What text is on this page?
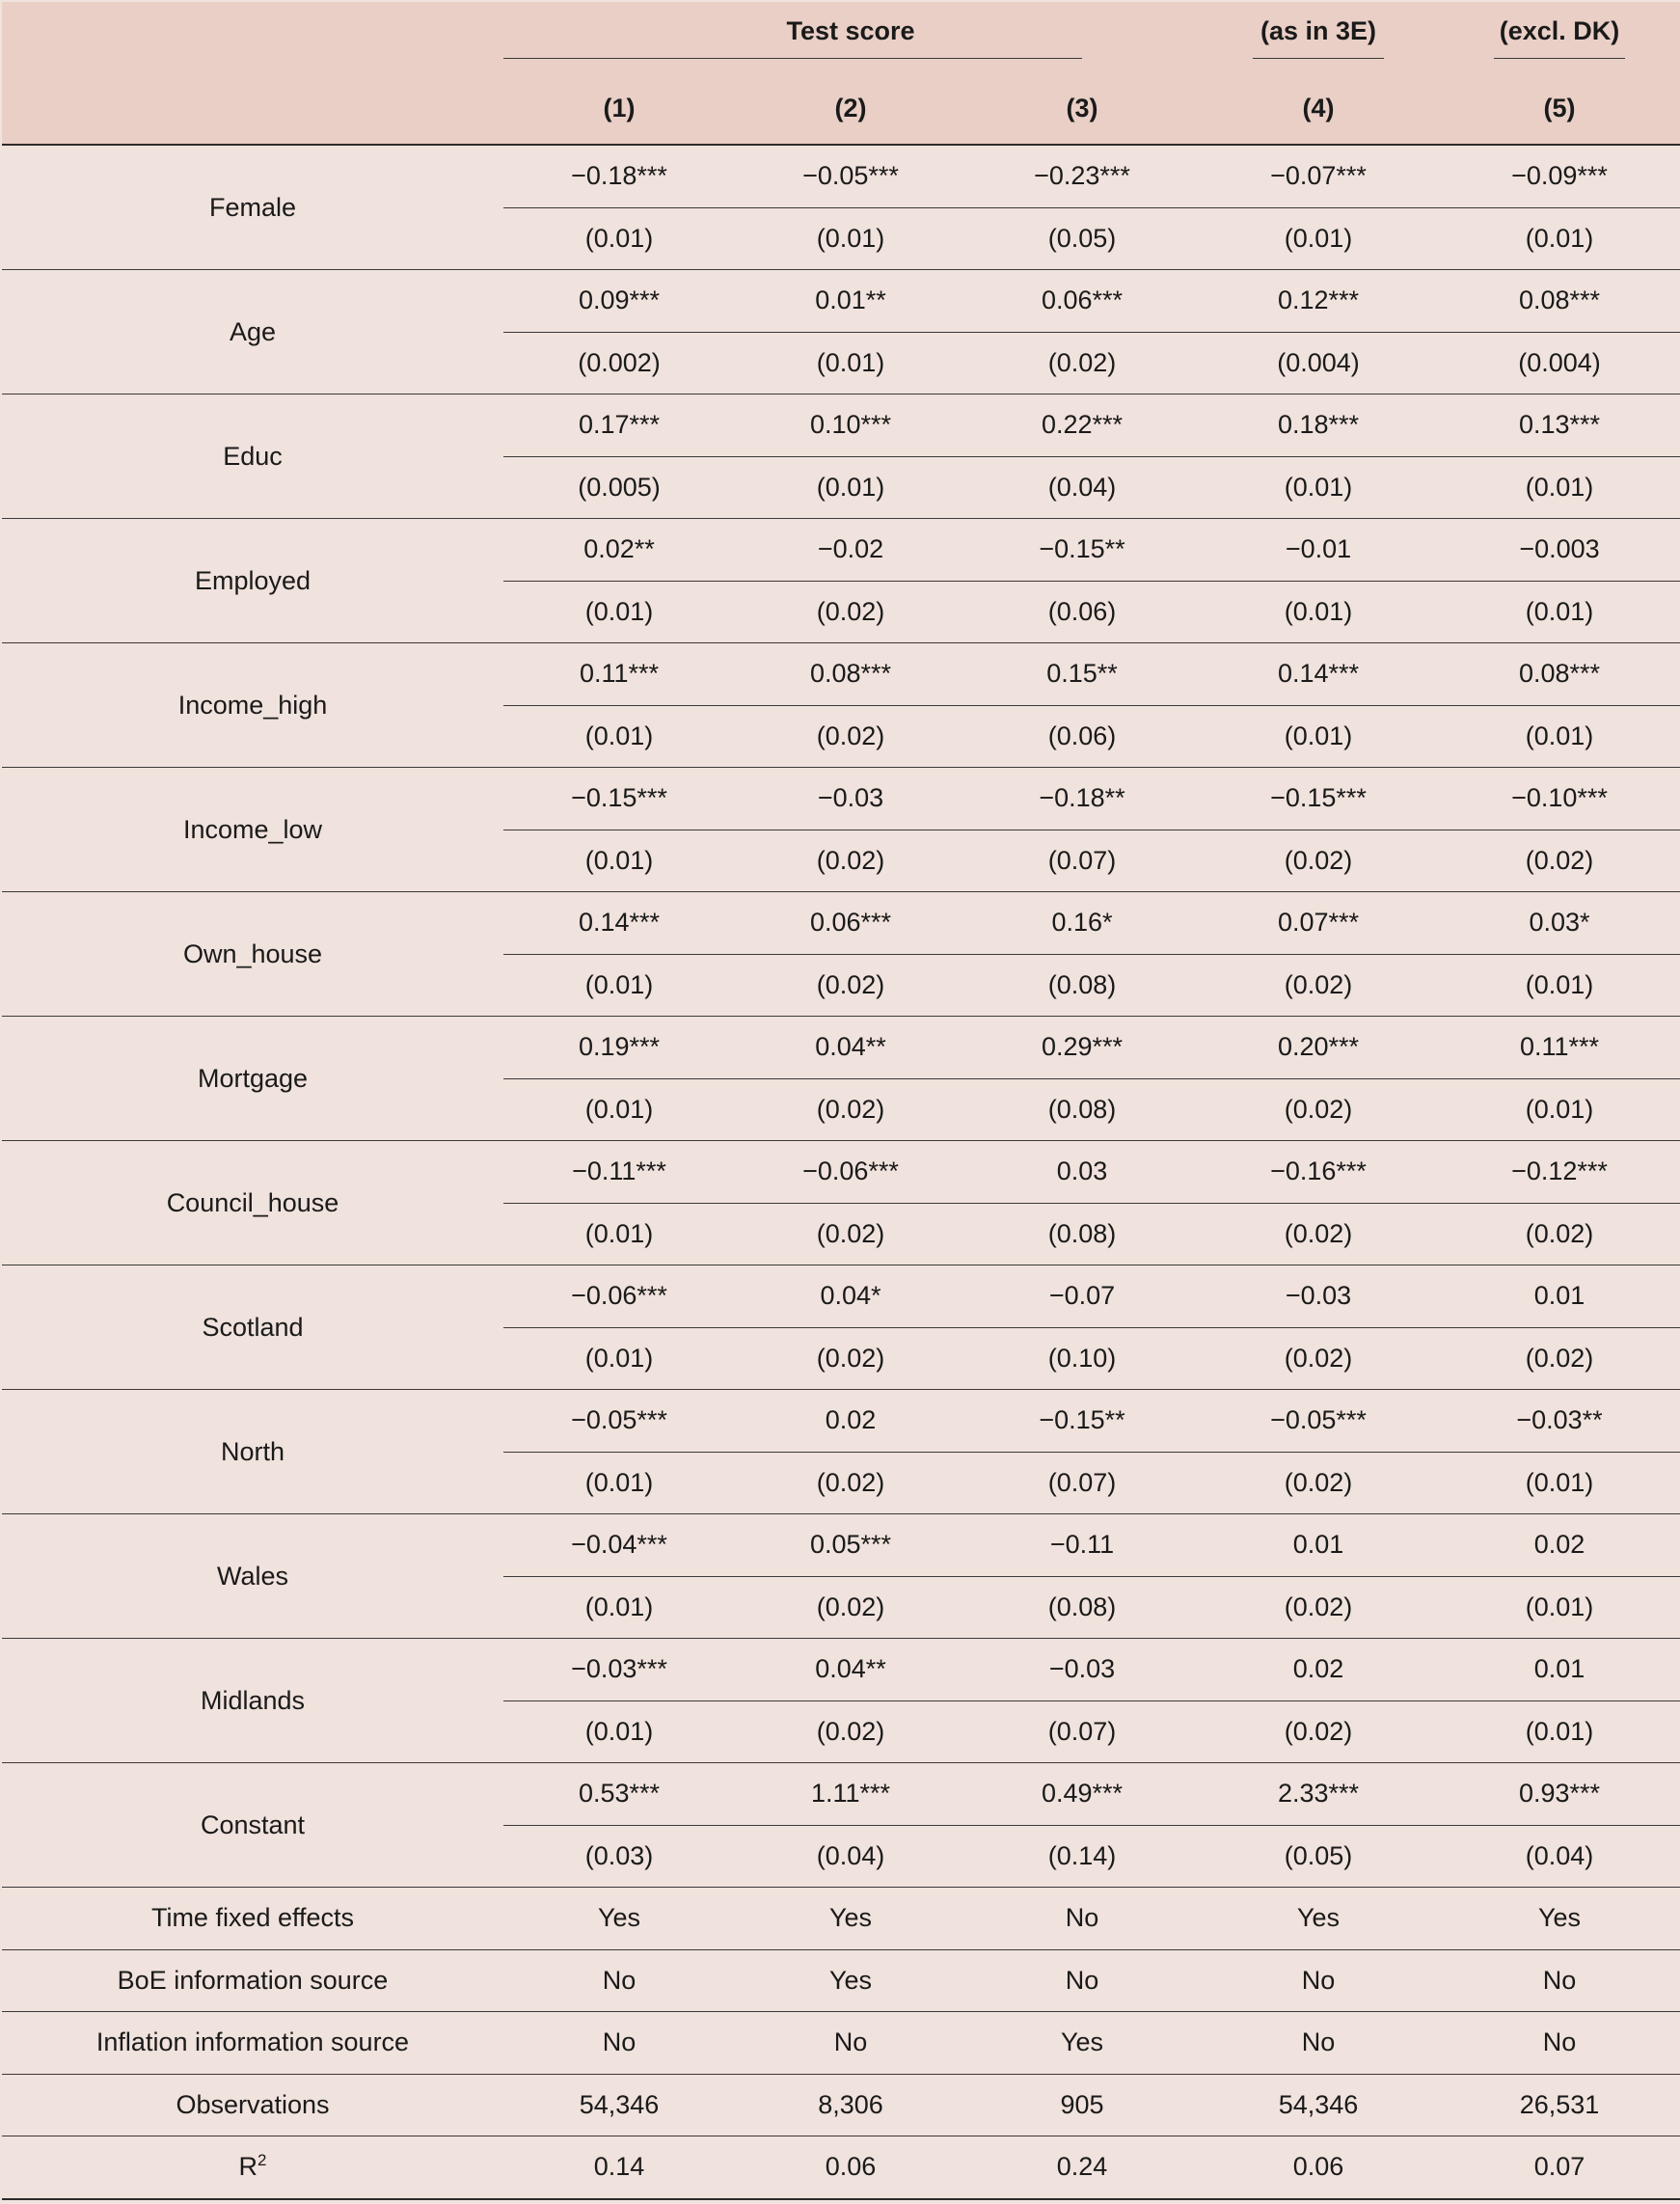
	Test score			(as in 3E)	(excl. DK)

	(1)	(2)	(3)	(4)	(5)
Female	−0.18***	−0.05***	−0.23***	−0.07***	−0.09***
	(0.01)	(0.01)	(0.05)	(0.01)	(0.01)
Age	0.09***	0.01**	0.06***	0.12***	0.08***
	(0.002)	(0.01)	(0.02)	(0.004)	(0.004)
Educ	0.17***	0.10***	0.22***	0.18***	0.13***
	(0.005)	(0.01)	(0.04)	(0.01)	(0.01)
Employed	0.02**	−0.02	−0.15**	−0.01	−0.003
	(0.01)	(0.02)	(0.06)	(0.01)	(0.01)
Income_high	0.11***	0.08***	0.15**	0.14***	0.08***
	(0.01)	(0.02)	(0.06)	(0.01)	(0.01)
Income_low	−0.15***	−0.03	−0.18**	−0.15***	−0.10***
	(0.01)	(0.02)	(0.07)	(0.02)	(0.02)
Own_house	0.14***	0.06***	0.16*	0.07***	0.03*
	(0.01)	(0.02)	(0.08)	(0.02)	(0.01)
Mortgage	0.19***	0.04**	0.29***	0.20***	0.11***
	(0.01)	(0.02)	(0.08)	(0.02)	(0.01)
Council_house	−0.11***	−0.06***	0.03	−0.16***	−0.12***
	(0.01)	(0.02)	(0.08)	(0.02)	(0.02)
Scotland	−0.06***	0.04*	−0.07	−0.03	0.01
	(0.01)	(0.02)	(0.10)	(0.02)	(0.02)
North	−0.05***	0.02	−0.15**	−0.05***	−0.03**
	(0.01)	(0.02)	(0.07)	(0.02)	(0.01)
Wales	−0.04***	0.05***	−0.11	0.01	0.02
	(0.01)	(0.02)	(0.08)	(0.02)	(0.01)
Midlands	−0.03***	0.04**	−0.03	0.02	0.01
	(0.01)	(0.02)	(0.07)	(0.02)	(0.01)
Constant	0.53***	1.11***	0.49***	2.33***	0.93***
	(0.03)	(0.04)	(0.14)	(0.05)	(0.04)
Time fixed effects	Yes	Yes	No	Yes	Yes
BoE information source	No	Yes	No	No	No
Inflation information source	No	No	Yes	No	No
Observations	54,346	8,306	905	54,346	26,531
$R^2$	0.14	0.06	0.24	0.06	0.07
